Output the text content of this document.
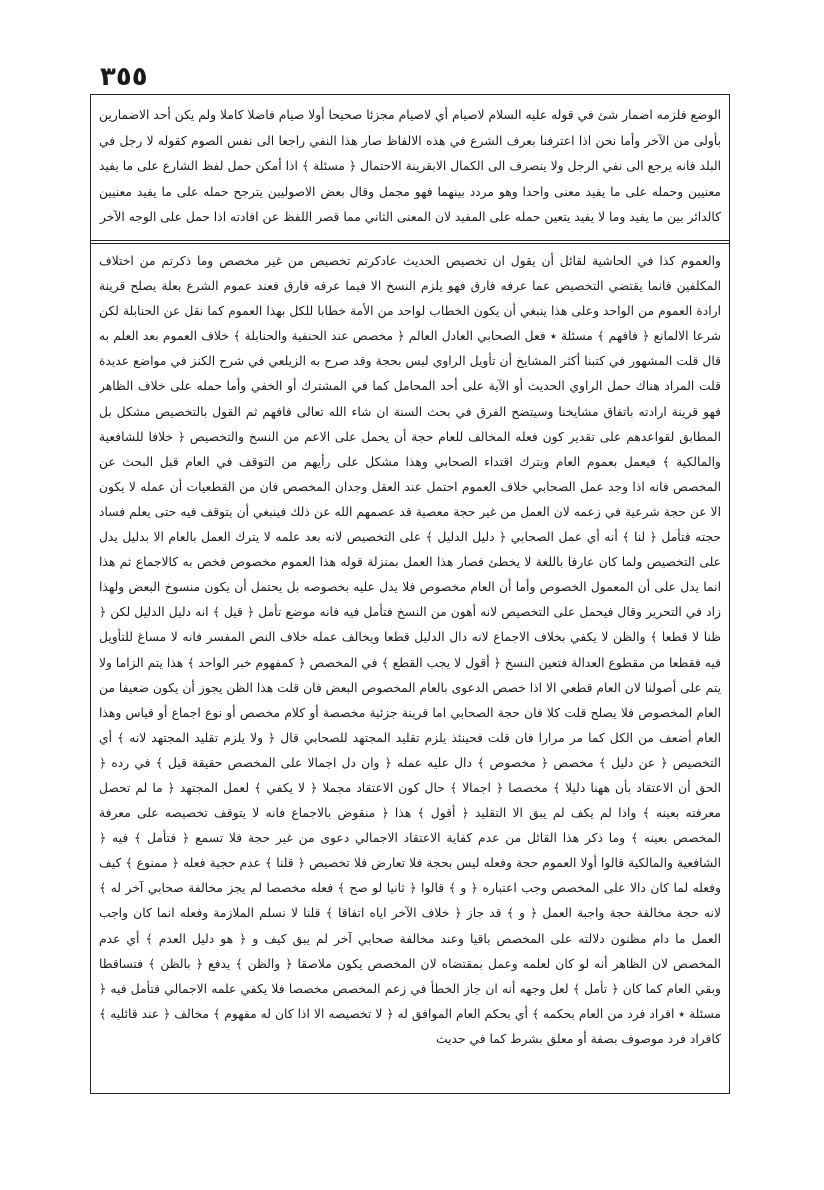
٣٥٥

الوضع فلزمه اضمار شئ في قوله عليه السلام لاصيام أي لاصيام مجزئا صحيحا أولا صيام فاضلا كاملا ولم يكن أحد الاضمارين بأولى من الآخر وأما نحن اذا اعترفنا بعرف الشرع في هذه الالفاظ صار هذا النفي راجعا الى نفس الصوم كقوله لا رجل في البلد فانه يرجع الى نفي الرجل ولا ينصرف الى الكمال الابقرينة الاحتمال ﴿ مسئلة ﴾ اذا أمكن حمل لفظ الشارع على ما يفيد معنيين وحمله على ما يفيد معنى واحدا وهو مردد بينهما فهو مجمل وقال بعض الاصوليين يترجح حمله على ما يفيد معنيين كالدائر بين ما يفيد وما لا يفيد يتعين حمله على المفيد لان المعنى الثاني مما قصر اللفظ عن افادته اذا حمل على الوجه الآخر

والعموم كذا في الحاشية لقائل أن يقول ان تخصيص الحديث عادكرتم تخصيص من غير مخصص وما ذكرتم من اختلاف المكلفين فانما يقتضي التخصيص عما عرفه فارق فهو يلزم النسخ الا فيما عرفه فارق فعند عموم الشرع بعلة يصلح قرينة ارادة العموم من الواحد وعلى هذا ينبغي أن يكون الخطاب لواحد من الأمة خطابا للكل بهذا العموم كما نقل عن الحنابلة لكن شرعا الالمانع ﴿ فافهم ﴾ مسئلة ٭ فعل الصحابي العادل العالم ﴿ مخصص عند الحنفية والحنابلة ﴾ خلاف العموم بعد العلم به قال قلت المشهور في كتبنا أكثر المشايخ أن تأويل الراوي ليس بحجة وقد صرح به الزيلعي في شرح الكنز في مواضع عديدة قلت المراد هناك حمل الراوي الحديث أو الآية على أحد المحامل كما في المشترك أو الخفي وأما حمله على خلاف الظاهر فهو قرينة ارادته باتفاق مشايخنا وسيتضح الفرق في بحث السنة ان شاء الله تعالى فافهم ثم القول بالتخصيص مشكل بل المطابق لقواعدهم على تقدير كون فعله المخالف للعام حجة أن يحمل على الاعم من النسخ والتخصيص ﴿ خلافا للشافعية والمالكية ﴾ فيعمل بعموم العام وبترك اقتداء الصحابي وهذا مشكل على رأيهم من التوقف في العام قبل البحث عن المخصص فانه اذا وجد عمل الصحابي خلاف العموم احتمل عند العقل وجدان المخصص فان من القطعيات أن عمله لا يكون الا عن حجة شرعية في زعمه لان العمل من غير حجة معصية قد عصمهم الله عن ذلك فينبغي أن يتوقف فيه حتى يعلم فساد حجته فتأمل ﴿ لنا ﴾ أنه أي عمل الصحابي ﴿ دليل الدليل ﴾ على التخصيص لانه بعد علمه لا يترك العمل بالعام الا بدليل يدل على التخصيص ولما كان عارفا باللغة لا يخطئ فصار هذا العمل بمنزلة قوله هذا العموم مخصوص فخص به كالاجماع ثم هذا انما يدل على أن المعمول الخصوص وأما أن العام مخصوص فلا يدل عليه بخصوصه بل يحتمل أن يكون منسوخ البعض ولهذا زاد في التحرير وقال فيحمل على التخصيص لانه أهون من النسخ فتأمل فيه فانه موضع تأمل ﴿ قيل ﴾ انه دليل الدليل لكن ﴿ ظنا لا قطعا ﴾ والظن لا يكفي بخلاف الاجماع لانه دال الدليل قطعا ويخالف عمله خلاف النص المفسر فانه لا مساغ للتأويل فيه فقطعا من مقطوع العدالة فتعين النسخ ﴿ أقول لا يجب القطع ﴾ في المخصص ﴿ كمفهوم خبر الواحد ﴾ هذا يتم الزاما ولا يتم على أصولنا لان العام قطعي الا اذا خصص الدعوى بالعام المخصوص البعض فان قلت هذا الظن يجوز أن يكون ضعيفا من العام المخصوص فلا يصلح قلت كلا فان حجة الصحابي اما قرينة جزئية مخصصة أو كلام مخصص أو نوع اجماع أو قياس وهذا العام أضعف من الكل كما مر مرارا فان قلت فحينئذ يلزم تقليد المجتهد للصحابي قال ﴿ ولا يلزم تقليد المجتهد لانه ﴾ أي التخصيص ﴿ عن دليل ﴾ مخصص ﴿ مخصوص ﴾ دال عليه عمله ﴿ وان دل اجمالا على المخصص حقيقة قيل ﴾ في رده ﴿ الحق أن الاعتقاد بأن ههنا دليلا ﴾ مخصصا ﴿ اجمالا ﴾ حال كون الاعتقاد مجملا ﴿ لا يكفي ﴾ لعمل المجتهد ﴿ ما لم تحصل معرفته بعينه ﴾ واذا لم يكف لم يبق الا التقليد ﴿ أقول ﴾ هذا ﴿ منقوض بالاجماع فانه لا يتوقف تخصيصه على معرفة المخصص بعينه ﴾ وما ذكر هذا القائل من عدم كفاية الاعتقاد الاجمالي دعوى من غير حجة فلا تسمع ﴿ فتأمل ﴾ فيه ﴿ الشافعية والمالكية قالوا أولا العموم حجة وفعله ليس بحجة فلا تعارض فلا تخصيص ﴿ قلنا ﴾ عدم حجية فعله ﴿ ممنوع ﴾ كيف وفعله لما كان دالا على المخصص وجب اعتباره ﴿ و ﴾ قالوا ﴿ ثانيا لو صح ﴾ فعله مخصصا لم يجز مخالفة صحابي آخر له ﴾ لانه حجة مخالفة حجة واجبة العمل ﴿ و ﴾ قد جاز ﴿ خلاف الآخر اياه اتفاقا ﴾ قلنا لا نسلم الملازمة وفعله انما كان واجب العمل ما دام مظنون دلالته على المخصص باقيا وعند مخالفة صحابي آخر لم يبق كيف و ﴿ هو دليل العدم ﴾ أي عدم المخصص لان الظاهر أنه لو كان لعلمه وعمل بمقتضاه لان المخصص يكون ملاصقا ﴿ والظن ﴾ يدفع ﴿ بالظن ﴾ فتساقطا وبقي العام كما كان ﴿ تأمل ﴾ لعل وجهه أنه ان جاز الخطأ في زعم المخصص مخصصا فلا يكفي علمه الاجمالي فتأمل فيه ﴿ مسئلة ٭ افراد فرد من العام بحكمه ﴾ أي بحكم العام الموافق له ﴿ لا تخصيصه الا اذا كان له مفهوم ﴾ مخالف ﴿ عند قائليه ﴾ كافراد فرد موصوف بصفة أو معلق بشرط كما في حديث
